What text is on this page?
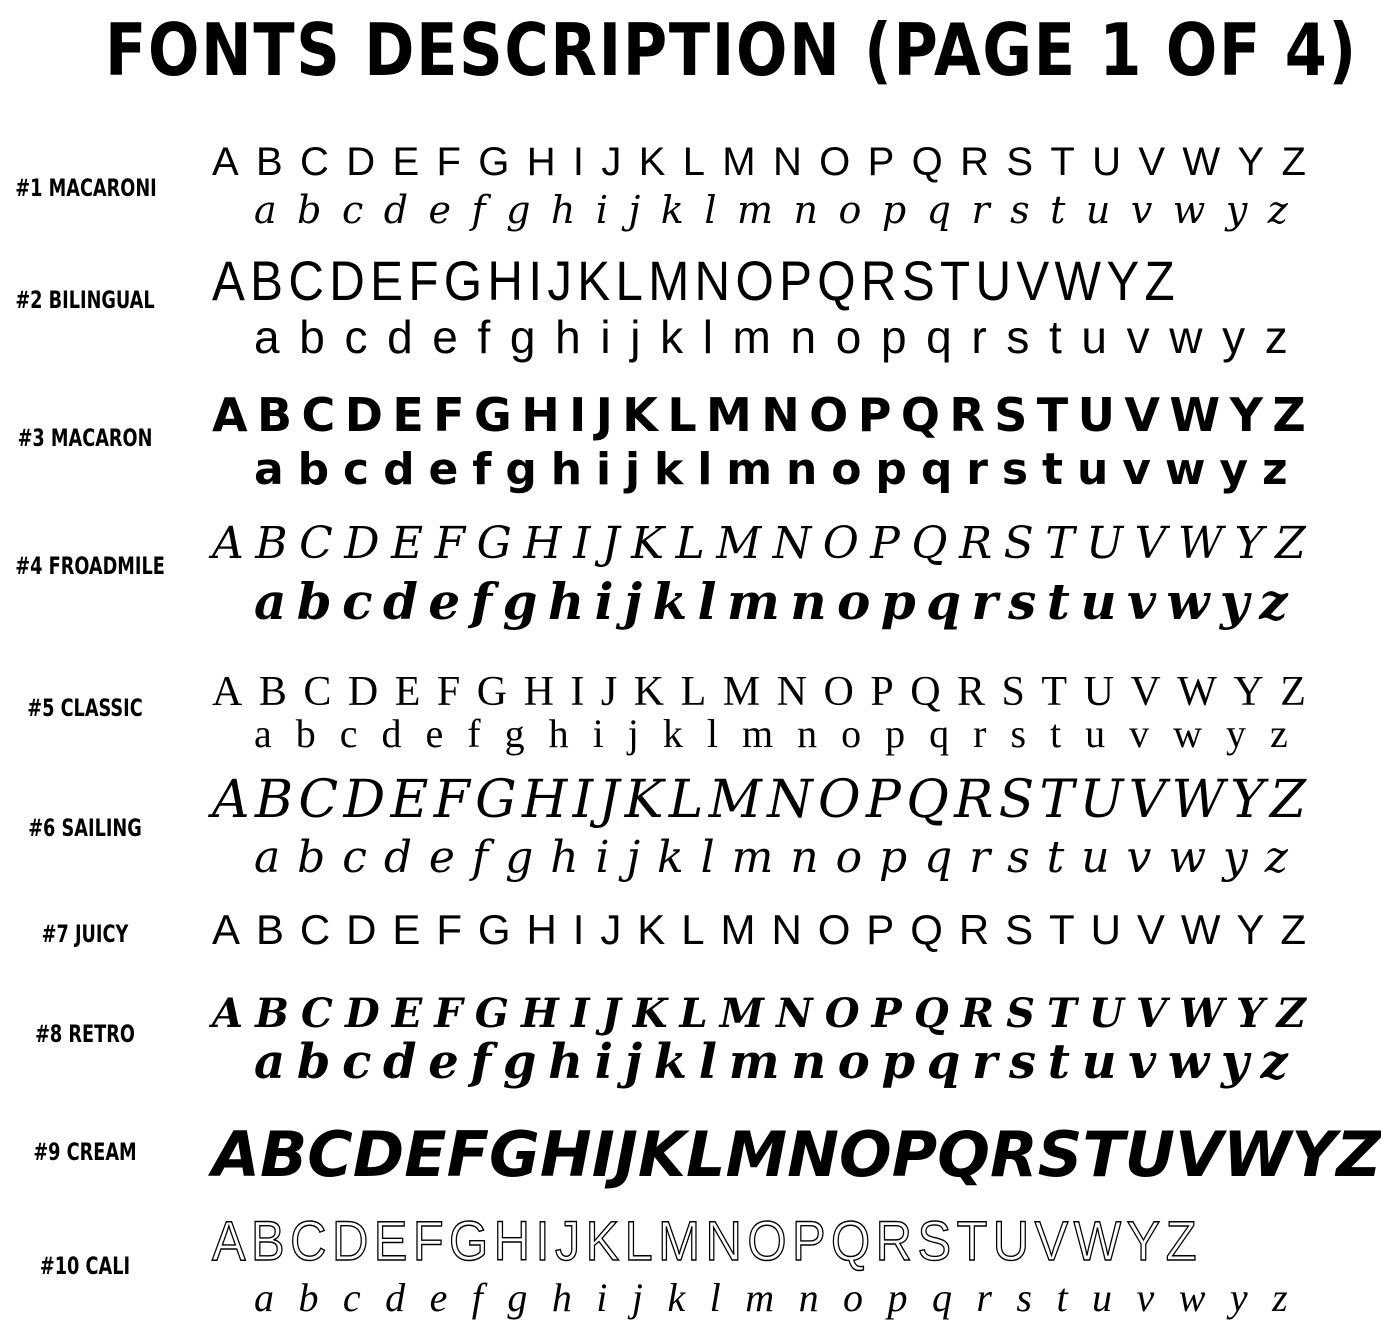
FONTS DESCRIPTION (PAGE 1 OF 4)
#1 MACARONI
A B C D E F G H I J K L M N O P Q R S T U V W Y Z
a b c d e f g h i j k l m n o p q r s t u v w y z
#2 BILINGUAL A B C D E F G H I J K L M N O P Q R S T U V W Y Z
a b c d e f g h i j k l m n o p q r s t u v w y z
#3 MACARON A B C D E F G H I J K L M N O P Q R S T U V W Y Z
a b c d e f g h i j k l m n o p q r s t u v w y z
#4 FROADMILE A B C D E F G H I J K L M N O P Q R S T U V W Y Z
a b c d e f g h i j k l m n o p q r s t u v w y z
#5 CLASSIC A B C D E F G H I J K L M N O P Q R S T U V W Y Z
a b c d e f g h i j k l m n o p q r s t u v w y z
#6 SAILING A B C D E F G H I J K L M N O P Q R S T U V W Y Z
a b c d e f g h i j k l m n o p q r s t u v w y z
#7 JUICY	A B C D E F G H I J K L M N O P Q R S T U V W Y Z
#8 RETRO	A B C D E F G H I J K L M N O P Q R S T U V W Y Z
a b c d e f g h i j k l m n o p q r s t u v w y z
#9 CREAM A B C D E F G H I J K L M N O P Q R S T U V W Y Z
#10 CALI	A B C D E F G H I J K L M N O P Q R S T U V W Y Z
a b c d e f g h i j k l m n o p q r s t u v w y z
